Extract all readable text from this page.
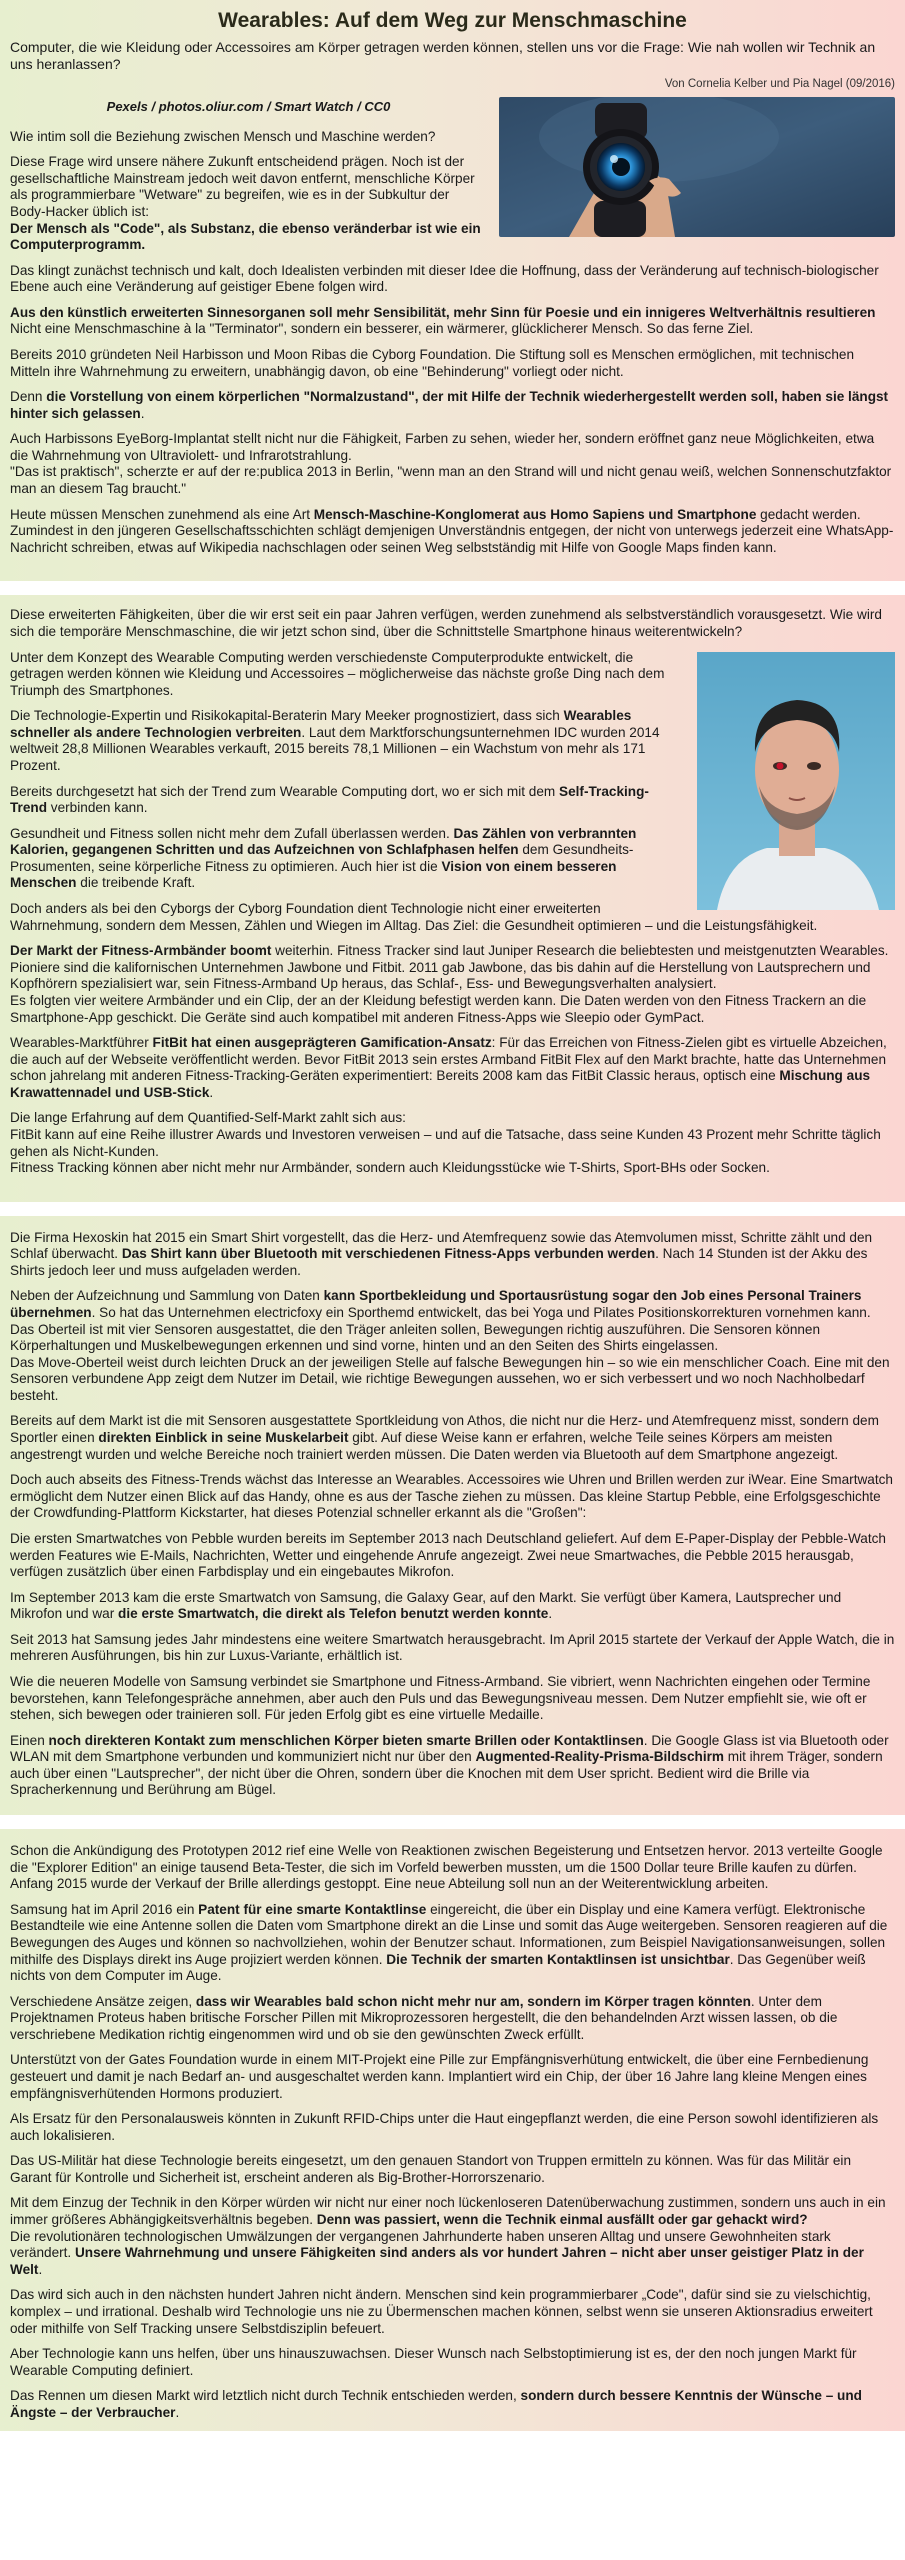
Wearables: Auf dem Weg zur Menschmaschine

Computer, die wie Kleidung oder Accessoires am Körper getragen werden können, stellen uns vor die Frage: Wie nah wollen wir Technik an uns heranlassen?

Von Cornelia Kelber und Pia Nagel (09/2016)

Pexels / photos.oliur.com / Smart Watch / CC0

Wie intim soll die Beziehung zwischen Mensch und Maschine werden?

Diese Frage wird unsere nähere Zukunft entscheidend prägen. Noch ist der gesellschaftliche Mainstream jedoch weit davon entfernt, menschliche Körper als programmierbare "Wetware" zu begreifen, wie es in der Subkultur der Body-Hacker üblich ist:
Der Mensch als "Code", als Substanz, die ebenso veränderbar ist wie ein Computerprogramm.

Das klingt zunächst technisch und kalt, doch Idealisten verbinden mit dieser Idee die Hoffnung, dass der Veränderung auf technisch-biologischer Ebene auch eine Veränderung auf geistiger Ebene folgen wird.

Aus den künstlich erweiterten Sinnesorganen soll mehr Sensibilität, mehr Sinn für Poesie und ein innigeres Weltverhältnis resultieren
Nicht eine Menschmaschine à la "Terminator", sondern ein besserer, ein wärmerer, glücklicherer Mensch. So das ferne Ziel.

Bereits 2010 gründeten Neil Harbisson und Moon Ribas die Cyborg Foundation. Die Stiftung soll es Menschen ermöglichen, mit technischen Mitteln ihre Wahrnehmung zu erweitern, unabhängig davon, ob eine "Behinderung" vorliegt oder nicht.

Denn die Vorstellung von einem körperlichen "Normalzustand", der mit Hilfe der Technik wiederhergestellt werden soll, haben sie längst hinter sich gelassen.

Auch Harbissons EyeBorg-Implantat stellt nicht nur die Fähigkeit, Farben zu sehen, wieder her, sondern eröffnet ganz neue Möglichkeiten, etwa die Wahrnehmung von Ultraviolett- und Infrarotstrahlung.
"Das ist praktisch", scherzte er auf der re:publica 2013 in Berlin, "wenn man an den Strand will und nicht genau weiß, welchen Sonnenschutzfaktor man an diesem Tag braucht."

Heute müssen Menschen zunehmend als eine Art Mensch-Maschine-Konglomerat aus Homo Sapiens und Smartphone gedacht werden. Zumindest in den jüngeren Gesellschaftsschichten schlägt demjenigen Unverständnis entgegen, der nicht von unterwegs jederzeit eine WhatsApp-Nachricht schreiben, etwas auf Wikipedia nachschlagen oder seinen Weg selbstständig mit Hilfe von Google Maps finden kann.

Diese erweiterten Fähigkeiten, über die wir erst seit ein paar Jahren verfügen, werden zunehmend als selbstverständlich vorausgesetzt. Wie wird sich die temporäre Menschmaschine, die wir jetzt schon sind, über die Schnittstelle Smartphone hinaus weiterentwickeln?

Unter dem Konzept des Wearable Computing werden verschiedenste Computerprodukte entwickelt, die getragen werden können wie Kleidung und Accessoires – möglicherweise das nächste große Ding nach dem Triumph des Smartphones.

Die Technologie-Expertin und Risikokapital-Beraterin Mary Meeker prognostiziert, dass sich Wearables schneller als andere Technologien verbreiten. Laut dem Marktforschungsunternehmen IDC wurden 2014 weltweit 28,8 Millionen Wearables verkauft, 2015 bereits 78,1 Millionen – ein Wachstum von mehr als 171 Prozent.

Bereits durchgesetzt hat sich der Trend zum Wearable Computing dort, wo er sich mit dem Self-Tracking-Trend verbinden kann.

Gesundheit und Fitness sollen nicht mehr dem Zufall überlassen werden. Das Zählen von verbrannten Kalorien, gegangenen Schritten und das Aufzeichnen von Schlafphasen helfen dem Gesundheits-Prosumenten, seine körperliche Fitness zu optimieren. Auch hier ist die Vision von einem besseren Menschen die treibende Kraft.

Doch anders als bei den Cyborgs der Cyborg Foundation dient Technologie nicht einer erweiterten Wahrnehmung, sondern dem Messen, Zählen und Wiegen im Alltag. Das Ziel: die Gesundheit optimieren – und die Leistungsfähigkeit.

Der Markt der Fitness-Armbänder boomt weiterhin. Fitness Tracker sind laut Juniper Research die beliebtesten und meistgenutzten Wearables. Pioniere sind die kalifornischen Unternehmen Jawbone und Fitbit. 2011 gab Jawbone, das bis dahin auf die Herstellung von Lautsprechern und Kopfhörern spezialisiert war, sein Fitness-Armband Up heraus, das Schlaf-, Ess- und Bewegungsverhalten analysiert.
Es folgten vier weitere Armbänder und ein Clip, der an der Kleidung befestigt werden kann. Die Daten werden von den Fitness Trackern an die Smartphone-App geschickt. Die Geräte sind auch kompatibel mit anderen Fitness-Apps wie Sleepio oder GymPact.

Wearables-Marktführer FitBit hat einen ausgeprägteren Gamification-Ansatz: Für das Erreichen von Fitness-Zielen gibt es virtuelle Abzeichen, die auch auf der Webseite veröffentlicht werden. Bevor FitBit 2013 sein erstes Armband FitBit Flex auf den Markt brachte, hatte das Unternehmen schon jahrelang mit anderen Fitness-Tracking-Geräten experimentiert: Bereits 2008 kam das FitBit Classic heraus, optisch eine Mischung aus Krawattennadel und USB-Stick.

Die lange Erfahrung auf dem Quantified-Self-Markt zahlt sich aus:
FitBit kann auf eine Reihe illustrer Awards und Investoren verweisen – und auf die Tatsache, dass seine Kunden 43 Prozent mehr Schritte täglich gehen als Nicht-Kunden.
Fitness Tracking können aber nicht mehr nur Armbänder, sondern auch Kleidungsstücke wie T-Shirts, Sport-BHs oder Socken.

Die Firma Hexoskin hat 2015 ein Smart Shirt vorgestellt, das die Herz- und Atemfrequenz sowie das Atemvolumen misst, Schritte zählt und den Schlaf überwacht. Das Shirt kann über Bluetooth mit verschiedenen Fitness-Apps verbunden werden. Nach 14 Stunden ist der Akku des Shirts jedoch leer und muss aufgeladen werden.

Neben der Aufzeichnung und Sammlung von Daten kann Sportbekleidung und Sportausrüstung sogar den Job eines Personal Trainers übernehmen. So hat das Unternehmen electricfoxy ein Sporthemd entwickelt, das bei Yoga und Pilates Positionskorrekturen vornehmen kann. Das Oberteil ist mit vier Sensoren ausgestattet, die den Träger anleiten sollen, Bewegungen richtig auszuführen. Die Sensoren können Körperhaltungen und Muskelbewegungen erkennen und sind vorne, hinten und an den Seiten des Shirts eingelassen.
Das Move-Oberteil weist durch leichten Druck an der jeweiligen Stelle auf falsche Bewegungen hin – so wie ein menschlicher Coach. Eine mit den Sensoren verbundene App zeigt dem Nutzer im Detail, wie richtige Bewegungen aussehen, wo er sich verbessert und wo noch Nachholbedarf besteht.

Bereits auf dem Markt ist die mit Sensoren ausgestattete Sportkleidung von Athos, die nicht nur die Herz- und Atemfrequenz misst, sondern dem Sportler einen direkten Einblick in seine Muskelarbeit gibt. Auf diese Weise kann er erfahren, welche Teile seines Körpers am meisten angestrengt wurden und welche Bereiche noch trainiert werden müssen. Die Daten werden via Bluetooth auf dem Smartphone angezeigt.

Doch auch abseits des Fitness-Trends wächst das Interesse an Wearables. Accessoires wie Uhren und Brillen werden zur iWear. Eine Smartwatch ermöglicht dem Nutzer einen Blick auf das Handy, ohne es aus der Tasche ziehen zu müssen. Das kleine Startup Pebble, eine Erfolgsgeschichte der Crowdfunding-Plattform Kickstarter, hat dieses Potenzial schneller erkannt als die "Großen":

Die ersten Smartwatches von Pebble wurden bereits im September 2013 nach Deutschland geliefert. Auf dem E-Paper-Display der Pebble-Watch werden Features wie E-Mails, Nachrichten, Wetter und eingehende Anrufe angezeigt. Zwei neue Smartwaches, die Pebble 2015 herausgab, verfügen zusätzlich über einen Farbdisplay und ein eingebautes Mikrofon.

Im September 2013 kam die erste Smartwatch von Samsung, die Galaxy Gear, auf den Markt. Sie verfügt über Kamera, Lautsprecher und Mikrofon und war die erste Smartwatch, die direkt als Telefon benutzt werden konnte.

Seit 2013 hat Samsung jedes Jahr mindestens eine weitere Smartwatch herausgebracht. Im April 2015 startete der Verkauf der Apple Watch, die in mehreren Ausführungen, bis hin zur Luxus-Variante, erhältlich ist.

Wie die neueren Modelle von Samsung verbindet sie Smartphone und Fitness-Armband. Sie vibriert, wenn Nachrichten eingehen oder Termine bevorstehen, kann Telefongespräche annehmen, aber auch den Puls und das Bewegungsniveau messen. Dem Nutzer empfiehlt sie, wie oft er stehen, sich bewegen oder trainieren soll. Für jeden Erfolg gibt es eine virtuelle Medaille.

Einen noch direkteren Kontakt zum menschlichen Körper bieten smarte Brillen oder Kontaktlinsen. Die Google Glass ist via Bluetooth oder WLAN mit dem Smartphone verbunden und kommuniziert nicht nur über den Augmented-Reality-Prisma-Bildschirm mit ihrem Träger, sondern auch über einen "Lautsprecher", der nicht über die Ohren, sondern über die Knochen mit dem User spricht. Bedient wird die Brille via Spracherkennung und Berührung am Bügel.

Schon die Ankündigung des Prototypen 2012 rief eine Welle von Reaktionen zwischen Begeisterung und Entsetzen hervor. 2013 verteilte Google die "Explorer Edition" an einige tausend Beta-Tester, die sich im Vorfeld bewerben mussten, um die 1500 Dollar teure Brille kaufen zu dürfen. Anfang 2015 wurde der Verkauf der Brille allerdings gestoppt. Eine neue Abteilung soll nun an der Weiterentwicklung arbeiten.

Samsung hat im April 2016 ein Patent für eine smarte Kontaktlinse eingereicht, die über ein Display und eine Kamera verfügt. Elektronische Bestandteile wie eine Antenne sollen die Daten vom Smartphone direkt an die Linse und somit das Auge weitergeben. Sensoren reagieren auf die Bewegungen des Auges und können so nachvollziehen, wohin der Benutzer schaut. Informationen, zum Beispiel Navigationsanweisungen, sollen mithilfe des Displays direkt ins Auge projiziert werden können. Die Technik der smarten Kontaktlinsen ist unsichtbar. Das Gegenüber weiß nichts von dem Computer im Auge.

Verschiedene Ansätze zeigen, dass wir Wearables bald schon nicht mehr nur am, sondern im Körper tragen könnten. Unter dem Projektnamen Proteus haben britische Forscher Pillen mit Mikroprozessoren hergestellt, die den behandelnden Arzt wissen lassen, ob die verschriebene Medikation richtig eingenommen wird und ob sie den gewünschten Zweck erfüllt.

Unterstützt von der Gates Foundation wurde in einem MIT-Projekt eine Pille zur Empfängnisverhütung entwickelt, die über eine Fernbedienung gesteuert und damit je nach Bedarf an- und ausgeschaltet werden kann. Implantiert wird ein Chip, der über 16 Jahre lang kleine Mengen eines empfängnisverhütenden Hormons produziert.

Als Ersatz für den Personalausweis könnten in Zukunft RFID-Chips unter die Haut eingepflanzt werden, die eine Person sowohl identifizieren als auch lokalisieren.

Das US-Militär hat diese Technologie bereits eingesetzt, um den genauen Standort von Truppen ermitteln zu können. Was für das Militär ein Garant für Kontrolle und Sicherheit ist, erscheint anderen als Big-Brother-Horrorszenario.

Mit dem Einzug der Technik in den Körper würden wir nicht nur einer noch lückenloseren Datenüberwachung zustimmen, sondern uns auch in ein immer größeres Abhängigkeitsverhältnis begeben. Denn was passiert, wenn die Technik einmal ausfällt oder gar gehackt wird?
Die revolutionären technologischen Umwälzungen der vergangenen Jahrhunderte haben unseren Alltag und unsere Gewohnheiten stark verändert. Unsere Wahrnehmung und unsere Fähigkeiten sind anders als vor hundert Jahren – nicht aber unser geistiger Platz in der Welt.

Das wird sich auch in den nächsten hundert Jahren nicht ändern. Menschen sind kein programmierbarer „Code", dafür sind sie zu vielschichtig, komplex – und irrational. Deshalb wird Technologie uns nie zu Übermenschen machen können, selbst wenn sie unseren Aktionsradius erweitert oder mithilfe von Self Tracking unsere Selbstdisziplin befeuert.

Aber Technologie kann uns helfen, über uns hinauszuwachsen. Dieser Wunsch nach Selbstoptimierung ist es, der den noch jungen Markt für Wearable Computing definiert.

Das Rennen um diesen Markt wird letztlich nicht durch Technik entschieden werden, sondern durch bessere Kenntnis der Wünsche – und Ängste – der Verbraucher.
